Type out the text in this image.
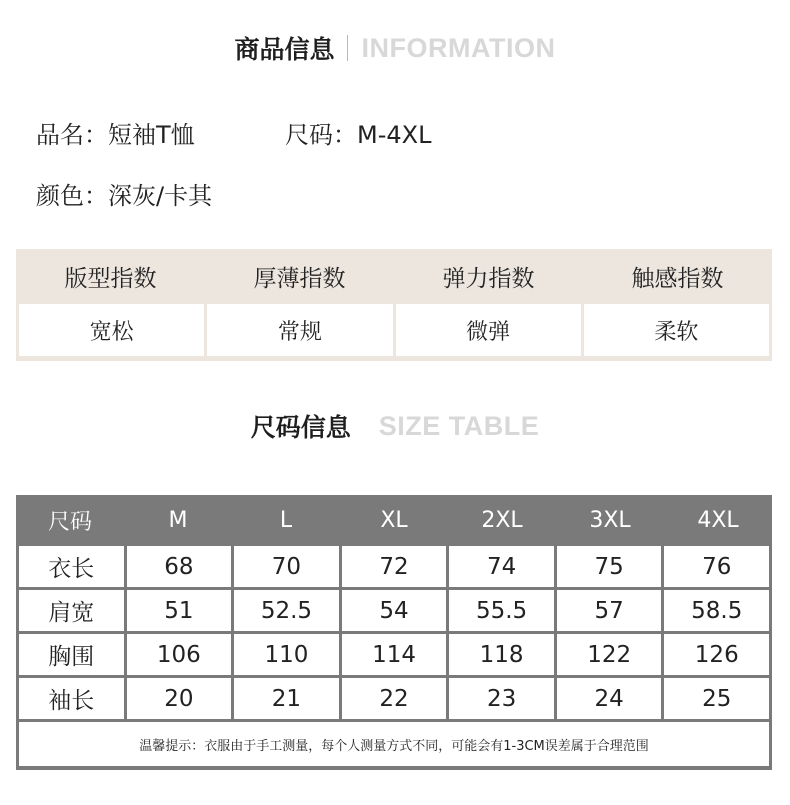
商品信息 INFORMATION
品名：短袖T恤	尺码：M-4XL
颜色：深灰/卡其
版型指数	厚薄指数	弹力指数	触感指数
宽松	常规	微弹	柔软
尺码信息 SIZE TABLE
尺码	M	L	XL	2XL	3XL	4XL
衣长	68	70	72	74	75	76
肩宽	51	52.5	54	55.5	57	58.5
胸围	106	110	114	118	122	126
袖长	20	21	22	23	24	25
温馨提示：衣服由于手工测量，每个人测量方式不同，可能会有1-3CM误差属于合理范围
